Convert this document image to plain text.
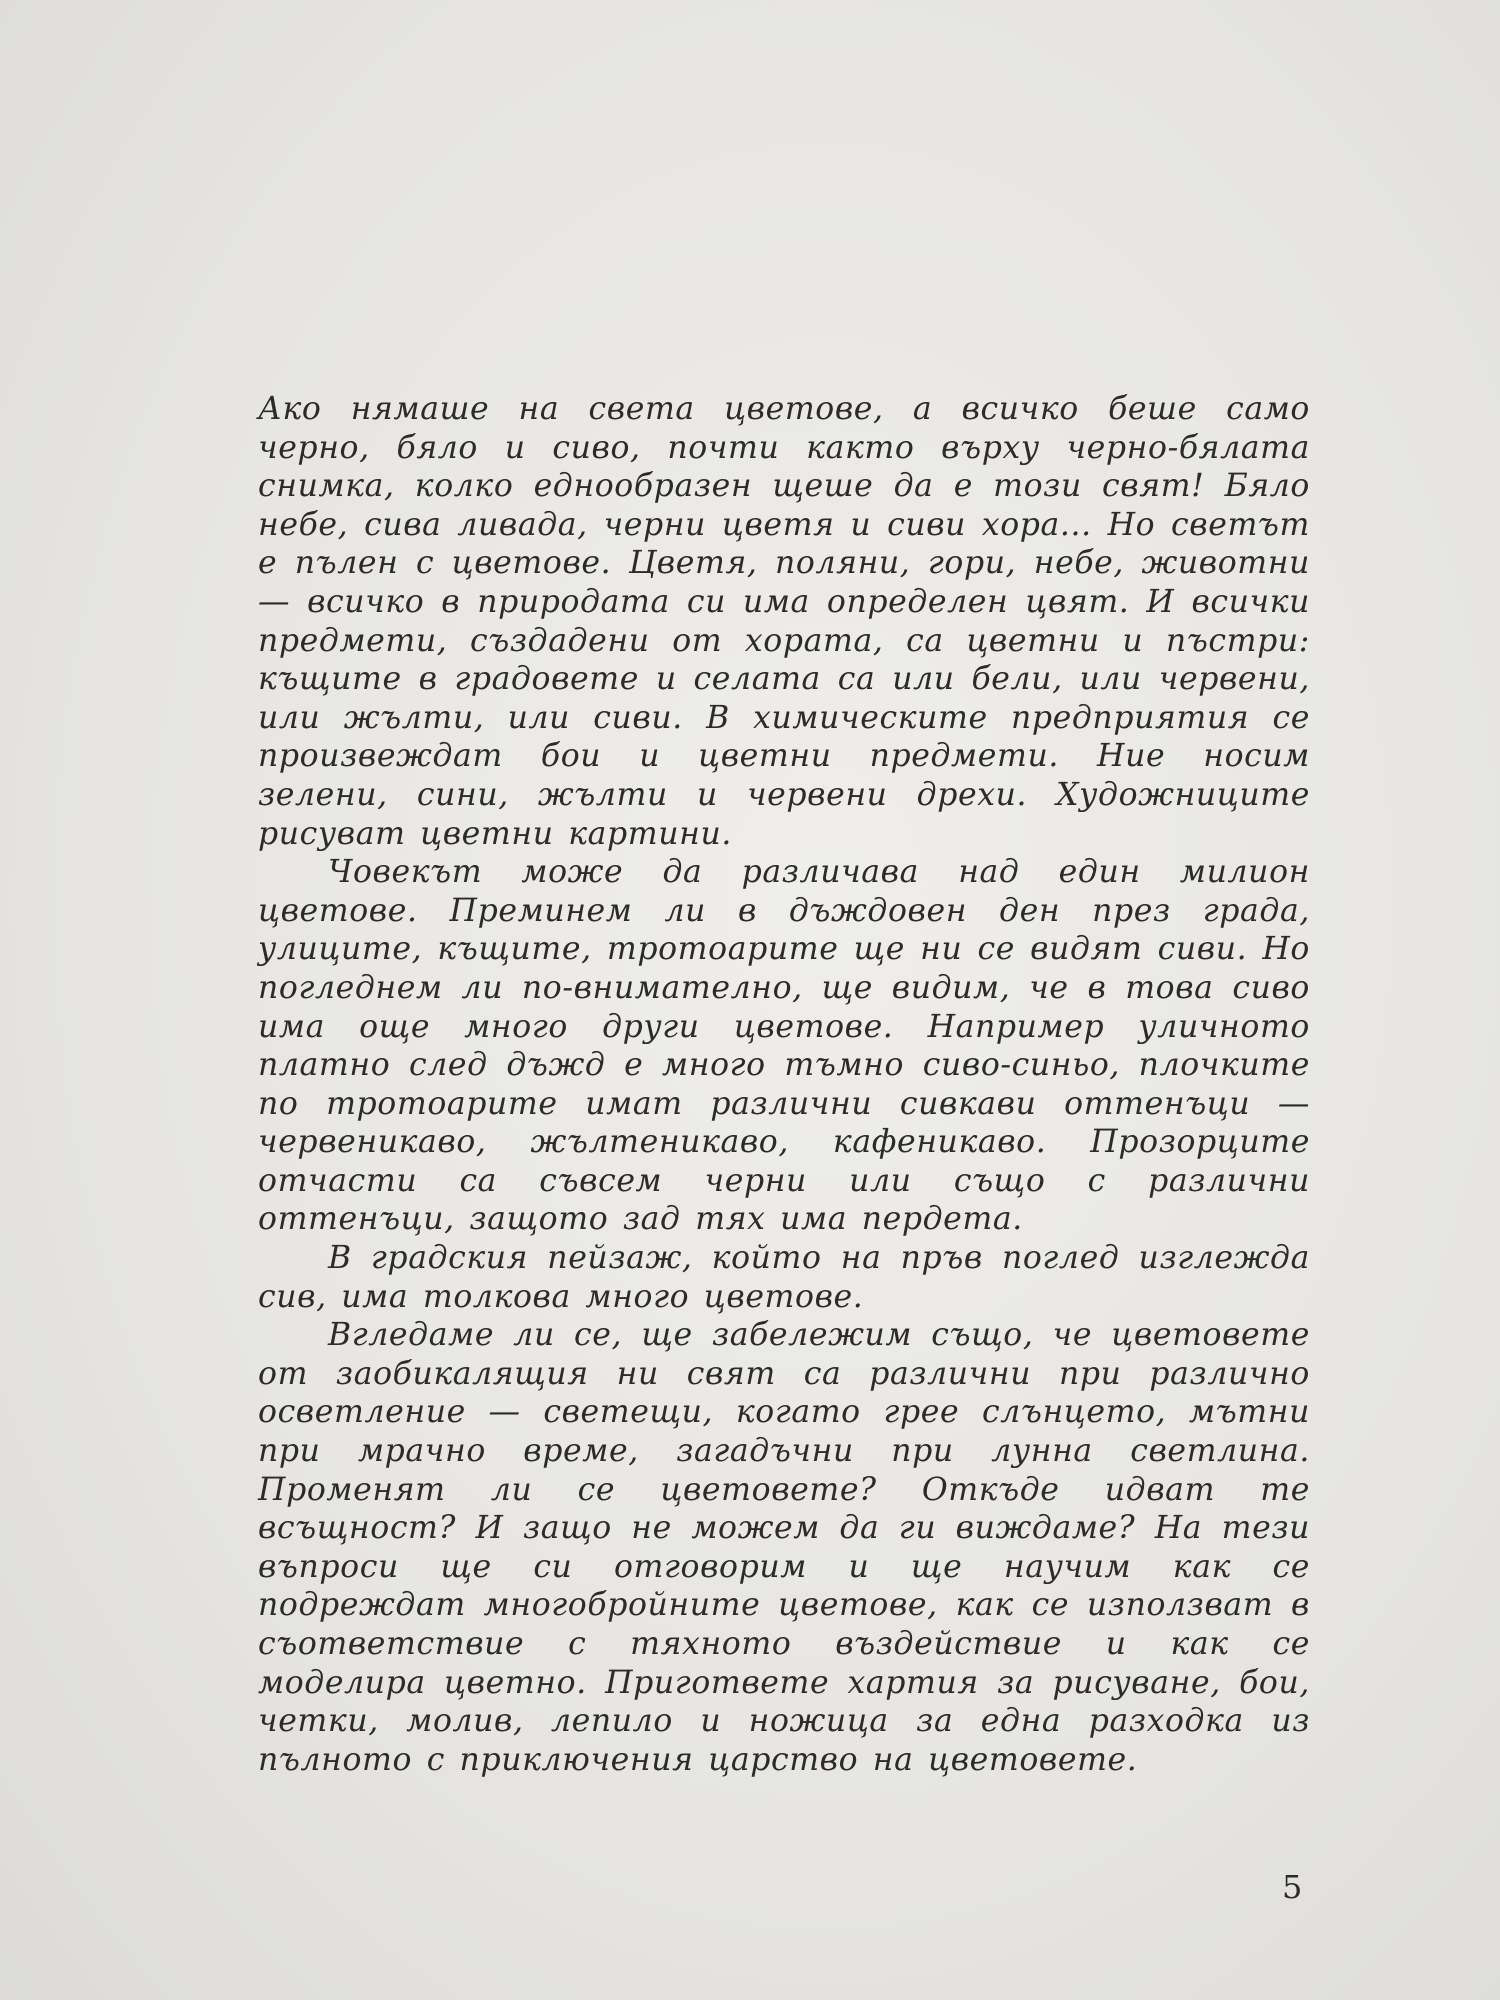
Ако нямаше на света цветове, а всичко беше само черно, бяло и сиво, почти както върху черно-бялата снимка, колко еднообразен щеше да е този свят! Бяло небе, сива ливада, черни цветя и сиви хора... Но светът е пълен с цветове. Цветя, поляни, гори, небе, животни — всичко в природата си има определен цвят. И всички предмети, създадени от хората, са цветни и пъстри: къщите в градовете и селата са или бели, или червени, или жълти, или сиви. В химическите предприятия се произвеждат бои и цветни предмети. Ние носим зелени, сини, жълти и червени дрехи. Художниците рисуват цветни картини.

Човекът може да различава над един милион цветове. Преминем ли в дъждовен ден през града, улиците, къщите, тротоарите ще ни се видят сиви. Но погледнем ли по-внимателно, ще видим, че в това сиво има още много други цветове. Например уличното платно след дъжд е много тъмно сиво-синьо, плочките по тротоарите имат различни сивкави оттенъци — червеникаво, жълтеникаво, кафеникаво. Прозорците отчасти са съвсем черни или също с различни оттенъци, защото зад тях има пердета.

В градския пейзаж, който на пръв поглед изглежда сив, има толкова много цветове.

Вгледаме ли се, ще забележим също, че цветовете от заобикалящия ни свят са различни при различно осветление — светещи, когато грее слънцето, мътни при мрачно време, загадъчни при лунна светлина. Променят ли се цветовете? Откъде идват те всъщност? И защо не можем да ги виждаме? На тези въпроси ще си отговорим и ще научим как се подреждат многобройните цветове, как се използват в съответствие с тяхното въздействие и как се моделира цветно. Пригответе хартия за рисуване, бои, четки, молив, лепило и ножица за една разходка из пълното с приключения царство на цветовете.

5
